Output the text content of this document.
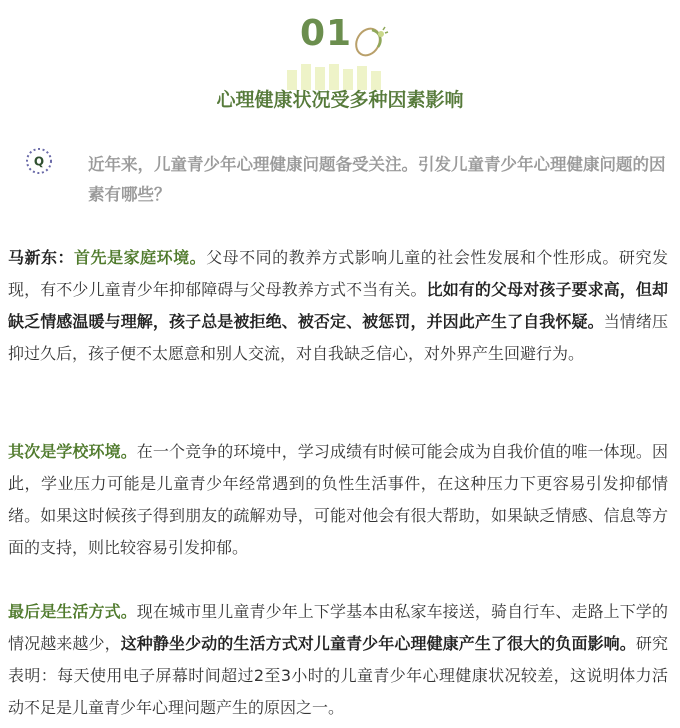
01
心理健康状况受多种因素影响
Q	近年来，儿童青少年心理健康问题备受关注。引发儿童青少年心理健康问题的因素有哪些？
马新东：首先是家庭环境。父母不同的教养方式影响儿童的社会性发展和个性形成。研究发现，有不少儿童青少年抑郁障碍与父母教养方式不当有关。比如有的父母对孩子要求高，但却缺乏情感温暖与理解，孩子总是被拒绝、被否定、被惩罚，并因此产生了自我怀疑。当情绪压抑过久后，孩子便不太愿意和别人交流，对自我缺乏信心，对外界产生回避行为。
其次是学校环境。在一个竞争的环境中，学习成绩有时候可能会成为自我价值的唯一体现。因此，学业压力可能是儿童青少年经常遇到的负性生活事件，在这种压力下更容易引发抑郁情绪。如果这时候孩子得到朋友的疏解劝导，可能对他会有很大帮助，如果缺乏情感、信息等方面的支持，则比较容易引发抑郁。
最后是生活方式。现在城市里儿童青少年上下学基本由私家车接送，骑自行车、走路上下学的情况越来越少，这种静坐少动的生活方式对儿童青少年心理健康产生了很大的负面影响。研究表明：每天使用电子屏幕时间超过2至3小时的儿童青少年心理健康状况较差，这说明体力活动不足是儿童青少年心理问题产生的原因之一。
